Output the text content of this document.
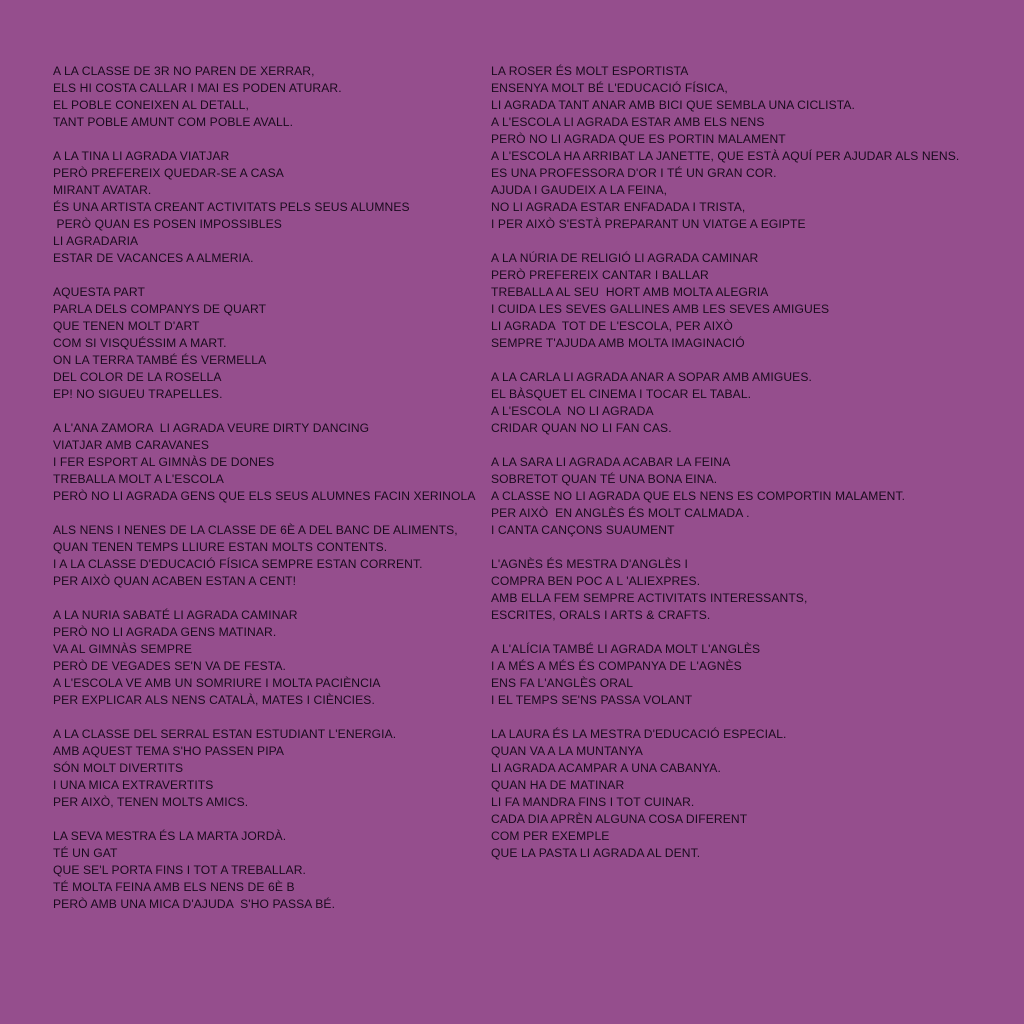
A LA CLASSE DE 3R NO PAREN DE XERRAR,
ELS HI COSTA CALLAR I MAI ES PODEN ATURAR.
EL POBLE CONEIXEN AL DETALL,
TANT POBLE AMUNT COM POBLE AVALL.
A LA TINA LI AGRADA VIATJAR
PERÒ PREFEREIX QUEDAR-SE A CASA
MIRANT AVATAR.
ÉS UNA ARTISTA CREANT ACTIVITATS PELS SEUS ALUMNES
PERÒ QUAN ES POSEN IMPOSSIBLES
LI AGRADARIA
ESTAR DE VACANCES A ALMERIA.
AQUESTA PART
PARLA DELS COMPANYS DE QUART
QUE TENEN MOLT D'ART
COM SI VISQUÉSSIM A MART.
ON LA TERRA TAMBÉ ÉS VERMELLA
DEL COLOR DE LA ROSELLA
EP! NO SIGUEU TRAPELLES.
A L'ANA ZAMORA  LI AGRADA VEURE DIRTY DANCING
VIATJAR AMB CARAVANES
I FER ESPORT AL GIMNÀS DE DONES
TREBALLA MOLT A L'ESCOLA
PERÒ NO LI AGRADA GENS QUE ELS SEUS ALUMNES FACIN XERINOLA
ALS NENS I NENES DE LA CLASSE DE 6È A DEL BANC DE ALIMENTS,
QUAN TENEN TEMPS LLIURE ESTAN MOLTS CONTENTS.
I A LA CLASSE D'EDUCACIÓ FÍSICA SEMPRE ESTAN CORRENT.
PER AIXÒ QUAN ACABEN ESTAN A CENT!
A LA NURIA SABATÉ LI AGRADA CAMINAR
PERÒ NO LI AGRADA GENS MATINAR.
VA AL GIMNÀS SEMPRE
PERÒ DE VEGADES SE'N VA DE FESTA.
A L'ESCOLA VE AMB UN SOMRIURE I MOLTA PACIÈNCIA
PER EXPLICAR ALS NENS CATALÀ, MATES I CIÈNCIES.
A LA CLASSE DEL SERRAL ESTAN ESTUDIANT L'ENERGIA.
AMB AQUEST TEMA S'HO PASSEN PIPA
SÓN MOLT DIVERTITS
I UNA MICA EXTRAVERTITS
PER AIXÒ, TENEN MOLTS AMICS.
LA SEVA MESTRA ÉS LA MARTA JORDÀ.
TÉ UN GAT
QUE SE'L PORTA FINS I TOT A TREBALLAR.
TÉ MOLTA FEINA AMB ELS NENS DE 6È B
PERÒ AMB UNA MICA D'AJUDA  S'HO PASSA BÉ.
LA ROSER ÉS MOLT ESPORTISTA
ENSENYA MOLT BÉ L'EDUCACIÓ FÍSICA,
LI AGRADA TANT ANAR AMB BICI QUE SEMBLA UNA CICLISTA.
A L'ESCOLA LI AGRADA ESTAR AMB ELS NENS
PERÒ NO LI AGRADA QUE ES PORTIN MALAMENT
A L'ESCOLA HA ARRIBAT LA JANETTE, QUE ESTÀ AQUÍ PER AJUDAR ALS NENS.
ES UNA PROFESSORA D'OR I TÉ UN GRAN COR.
AJUDA I GAUDEIX A LA FEINA,
NO LI AGRADA ESTAR ENFADADA I TRISTA,
I PER AIXÒ S'ESTÀ PREPARANT UN VIATGE A EGIPTE
A LA NÚRIA DE RELIGIÓ LI AGRADA CAMINAR
PERÒ PREFEREIX CANTAR I BALLAR
TREBALLA AL SEU  HORT AMB MOLTA ALEGRIA
I CUIDA LES SEVES GALLINES AMB LES SEVES AMIGUES
LI AGRADA  TOT DE L'ESCOLA, PER AIXÒ
SEMPRE T'AJUDA AMB MOLTA IMAGINACIÓ
A LA CARLA LI AGRADA ANAR A SOPAR AMB AMIGUES.
EL BÀSQUET EL CINEMA I TOCAR EL TABAL.
A L'ESCOLA  NO LI AGRADA
CRIDAR QUAN NO LI FAN CAS.
A LA SARA LI AGRADA ACABAR LA FEINA
SOBRETOT QUAN TÉ UNA BONA EINA.
A CLASSE NO LI AGRADA QUE ELS NENS ES COMPORTIN MALAMENT.
PER AIXÒ  EN ANGLÈS ÉS MOLT CALMADA .
I CANTA CANÇONS SUAUMENT
L'AGNÈS ÉS MESTRA D'ANGLÈS I
COMPRA BEN POC A L 'ALIEXPRES.
AMB ELLA FEM SEMPRE ACTIVITATS INTERESSANTS,
ESCRITES, ORALS I ARTS & CRAFTS.
A L'ALÍCIA TAMBÉ LI AGRADA MOLT L'ANGLÈS
I A MÉS A MÉS ÉS COMPANYA DE L'AGNÈS
ENS FA L'ANGLÈS ORAL
I EL TEMPS SE'NS PASSA VOLANT
LA LAURA ÉS LA MESTRA D'EDUCACIÓ ESPECIAL.
QUAN VA A LA MUNTANYA
LI AGRADA ACAMPAR A UNA CABANYA.
QUAN HA DE MATINAR
LI FA MANDRA FINS I TOT CUINAR.
CADA DIA APRÈN ALGUNA COSA DIFERENT
COM PER EXEMPLE
QUE LA PASTA LI AGRADA AL DENT.
